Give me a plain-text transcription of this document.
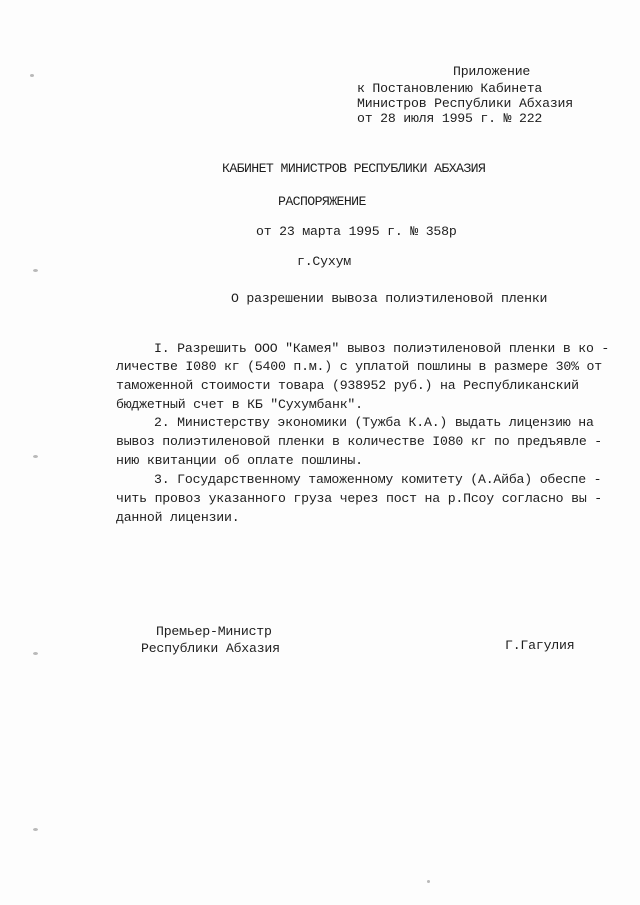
Приложение
к Постановлению Кабинета
Министров Республики Абхазия
от 28 июля 1995 г. № 222
КАБИНЕТ МИНИСТРОВ РЕСПУБЛИКИ АБХАЗИЯ
РАСПОРЯЖЕНИЕ
от 23 марта 1995 г. № 358р
г.Сухум
О разрешении вывоза полиэтиленовой пленки
I. Разрешить ООО "Камея" вывоз полиэтиленовой пленки в ко -
личестве I080 кг (5400 п.м.) с уплатой пошлины в размере 30% от
таможенной стоимости товара (938952 руб.) на Республиканский
бюджетный счет в КБ "Сухумбанк".
2. Министерству экономики (Тужба К.А.) выдать лицензию на
вывоз полиэтиленовой пленки в количестве I080 кг по предъявле -
нию квитанции об оплате пошлины.
3. Государственному таможенному комитету (А.Айба) обеспе -
чить провоз указанного груза через пост на р.Псоу согласно вы -
данной лицензии.
Премьер-Министр
Республики Абхазия	Г.Гагулия
